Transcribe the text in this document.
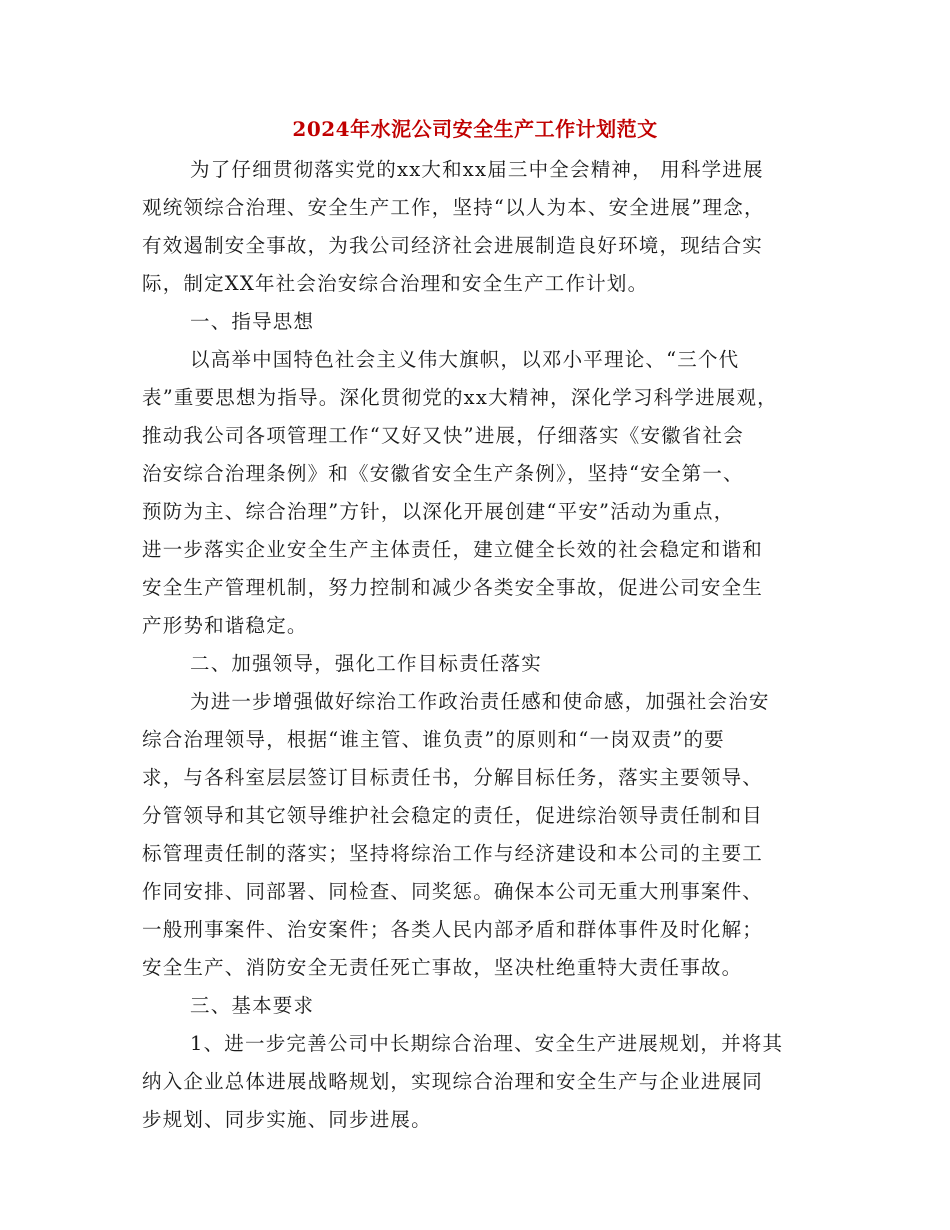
2024年水泥公司安全生产工作计划范文
为了仔细贯彻落实党的xx大和xx届三中全会精神， 用科学进展
观统领综合治理、安全生产工作，坚持“以人为本、安全进展”理念，
有效遏制安全事故，为我公司经济社会进展制造良好环境，现结合实
际，制定XX年社会治安综合治理和安全生产工作计划。
一、指导思想
以高举中国特色社会主义伟大旗帜，以邓小平理论、“三个代
表”重要思想为指导。深化贯彻党的xx大精神，深化学习科学进展观，
推动我公司各项管理工作“又好又快”进展，仔细落实《安徽省社会
治安综合治理条例》和《安徽省安全生产条例》，坚持“安全第一、
预防为主、综合治理”方针，以深化开展创建“平安”活动为重点，
进一步落实企业安全生产主体责任，建立健全长效的社会稳定和谐和
安全生产管理机制，努力控制和减少各类安全事故，促进公司安全生
产形势和谐稳定。
二、加强领导，强化工作目标责任落实
为进一步增强做好综治工作政治责任感和使命感，加强社会治安
综合治理领导，根据“谁主管、谁负责”的原则和“一岗双责”的要
求，与各科室层层签订目标责任书，分解目标任务，落实主要领导、
分管领导和其它领导维护社会稳定的责任，促进综治领导责任制和目
标管理责任制的落实；坚持将综治工作与经济建设和本公司的主要工
作同安排、同部署、同检查、同奖惩。确保本公司无重大刑事案件、
一般刑事案件、治安案件；各类人民内部矛盾和群体事件及时化解；
安全生产、消防安全无责任死亡事故，坚决杜绝重特大责任事故。
三、基本要求
1、进一步完善公司中长期综合治理、安全生产进展规划，并将其
纳入企业总体进展战略规划，实现综合治理和安全生产与企业进展同
步规划、同步实施、同步进展。
